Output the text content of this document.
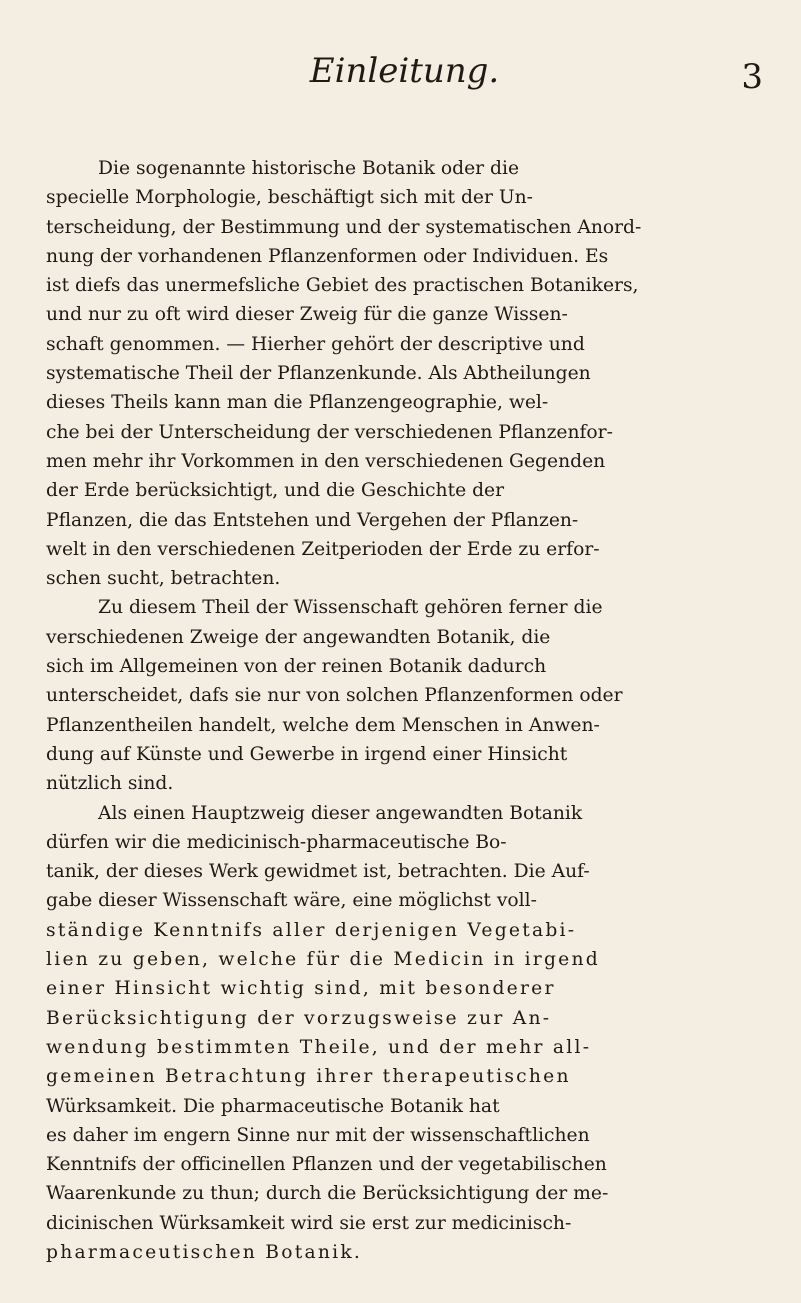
Einleitung.	3
Die sogenannte historische Botanik oder die
specielle Morphologie, beschäftigt sich mit der Un-
terscheidung, der Bestimmung und der systematischen Anord-
nung der vorhandenen Pflanzenformen oder Individuen. Es
ist diefs das unermefsliche Gebiet des practischen Botanikers,
und nur zu oft wird dieser Zweig für die ganze Wissen-
schaft genommen. — Hierher gehört der descriptive und
systematische Theil der Pflanzenkunde. Als Abtheilungen
dieses Theils kann man die Pflanzengeographie, wel-
che bei der Unterscheidung der verschiedenen Pflanzenfor-
men mehr ihr Vorkommen in den verschiedenen Gegenden
der Erde berücksichtigt, und die Geschichte der
Pflanzen, die das Entstehen und Vergehen der Pflanzen-
welt in den verschiedenen Zeitperioden der Erde zu erfor-
schen sucht, betrachten.
Zu diesem Theil der Wissenschaft gehören ferner die
verschiedenen Zweige der angewandten Botanik, die
sich im Allgemeinen von der reinen Botanik dadurch
unterscheidet, dafs sie nur von solchen Pflanzenformen oder
Pflanzentheilen handelt, welche dem Menschen in Anwen-
dung auf Künste und Gewerbe in irgend einer Hinsicht
nützlich sind.
Als einen Hauptzweig dieser angewandten Botanik
dürfen wir die medicinisch-pharmaceutische Bo-
tanik, der dieses Werk gewidmet ist, betrachten. Die Auf-
gabe dieser Wissenschaft wäre, eine möglichst voll-
ständige Kenntnifs aller derjenigen Vegetabi-
lien zu geben, welche für die Medicin in irgend
einer Hinsicht wichtig sind, mit besonderer
Berücksichtigung der vorzugsweise zur An-
wendung bestimmten Theile, und der mehr all-
gemeinen Betrachtung ihrer therapeutischen
Würksamkeit. Die pharmaceutische Botanik hat
es daher im engern Sinne nur mit der wissenschaftlichen
Kenntnifs der officinellen Pflanzen und der vegetabilischen
Waarenkunde zu thun; durch die Berücksichtigung der me-
dicinischen Würksamkeit wird sie erst zur medicinisch-
pharmaceutischen Botanik.
